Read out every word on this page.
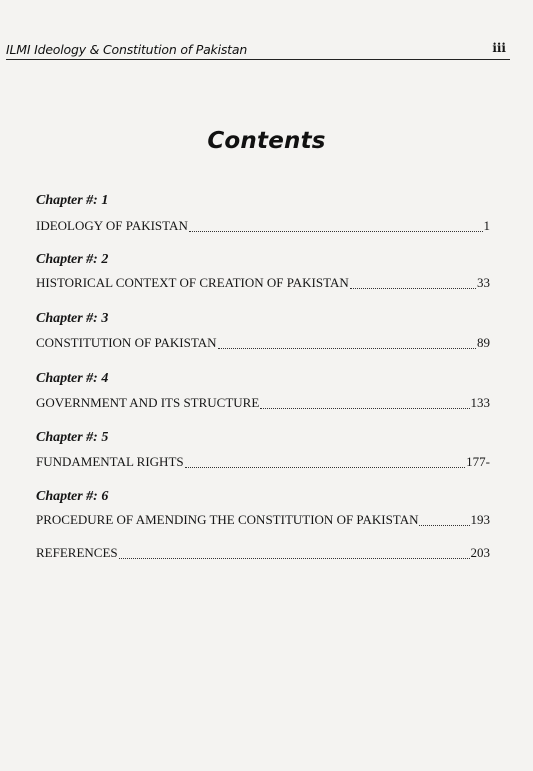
ILMI Ideology & Constitution of Pakistan	iii
Contents
Chapter #: 1
IDEOLOGY OF PAKISTAN	1
Chapter #: 2
HISTORICAL CONTEXT OF CREATION OF PAKISTAN	33
Chapter #: 3
CONSTITUTION OF PAKISTAN	89
Chapter #: 4
GOVERNMENT AND ITS STRUCTURE	133
Chapter #: 5
FUNDAMENTAL RIGHTS	177-
Chapter #: 6
PROCEDURE OF AMENDING THE CONSTITUTION OF PAKISTAN	193
REFERENCES	203
